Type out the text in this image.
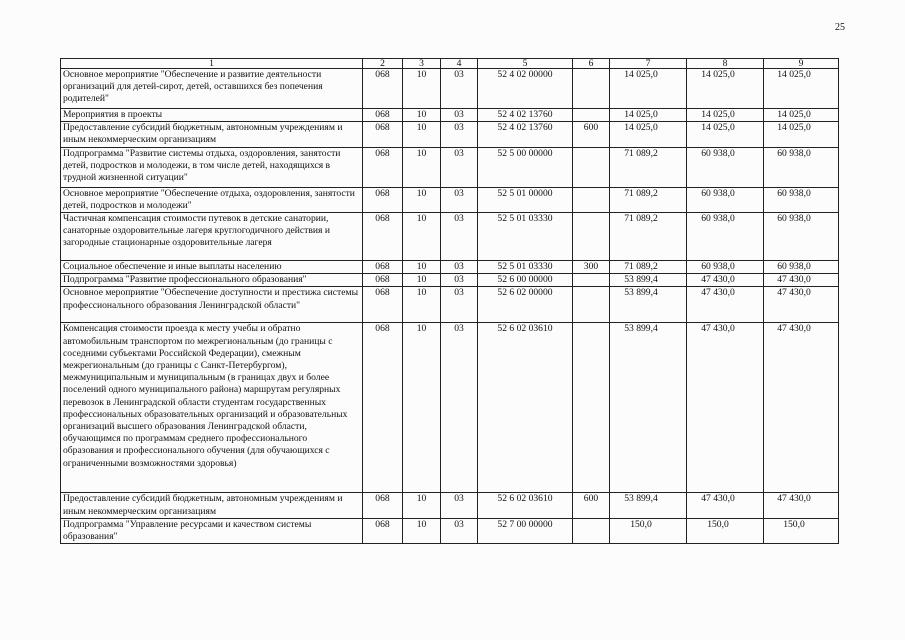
25
1	2	3	4	5	6	7	8	9
Основное мероприятие "Обеспечение и развитие деятельности организаций для детей-сирот, детей, оставшихся без попечения родителей"	068	10	03	52 4 02 00000		14 025,0	14 025,0	14 025,0
Мероприятия в проекты	068	10	03	52 4 02 13760		14 025,0	14 025,0	14 025,0
Предоставление субсидий бюджетным, автономным учреждениям и иным некоммерческим организациям	068	10	03	52 4 02 13760	600	14 025,0	14 025,0	14 025,0
Подпрограмма "Развитие системы отдыха, оздоровления, занятости детей, подростков и молодежи, в том числе детей, находящихся в трудной жизненной ситуации"	068	10	03	52 5 00 00000		71 089,2	60 938,0	60 938,0
Основное мероприятие "Обеспечение отдыха, оздоровления, занятости детей, подростков и молодежи"	068	10	03	52 5 01 00000		71 089,2	60 938,0	60 938,0
Частичная компенсация стоимости путевок в детские санатории, санаторные оздоровительные лагеря круглогодичного действия и загородные стационарные оздоровительные лагеря	068	10	03	52 5 01 03330		71 089,2	60 938,0	60 938,0
Социальное обеспечение и иные выплаты населению	068	10	03	52 5 01 03330	300	71 089,2	60 938,0	60 938,0
Подпрограмма "Развитие профессионального образования"	068	10	03	52 6 00 00000		53 899,4	47 430,0	47 430,0
Основное мероприятие "Обеспечение доступности и престижа системы профессионального образования Ленинградской области"	068	10	03	52 6 02 00000		53 899,4	47 430,0	47 430,0
Компенсация стоимости проезда к месту учебы и обратно автомобильным транспортом по межрегиональным (до границы с соседними субъектами Российской Федерации), смежным межрегиональным (до границы с Санкт-Петербургом), межмуниципальным и муниципальным (в границах двух и более поселений одного муниципального района) маршрутам регулярных перевозок в Ленинградской области студентам государственных профессиональных образовательных организаций и образовательных организаций высшего образования Ленинградской области, обучающимся по программам среднего профессионального образования и профессионального обучения (для обучающихся с ограниченными возможностями здоровья)	068	10	03	52 6 02 03610		53 899,4	47 430,0	47 430,0
Предоставление субсидий бюджетным, автономным учреждениям и иным некоммерческим организациям	068	10	03	52 6 02 03610	600	53 899,4	47 430,0	47 430,0
Подпрограмма "Управление ресурсами и качеством системы образования"	068	10	03	52 7 00 00000		150,0	150,0	150,0
